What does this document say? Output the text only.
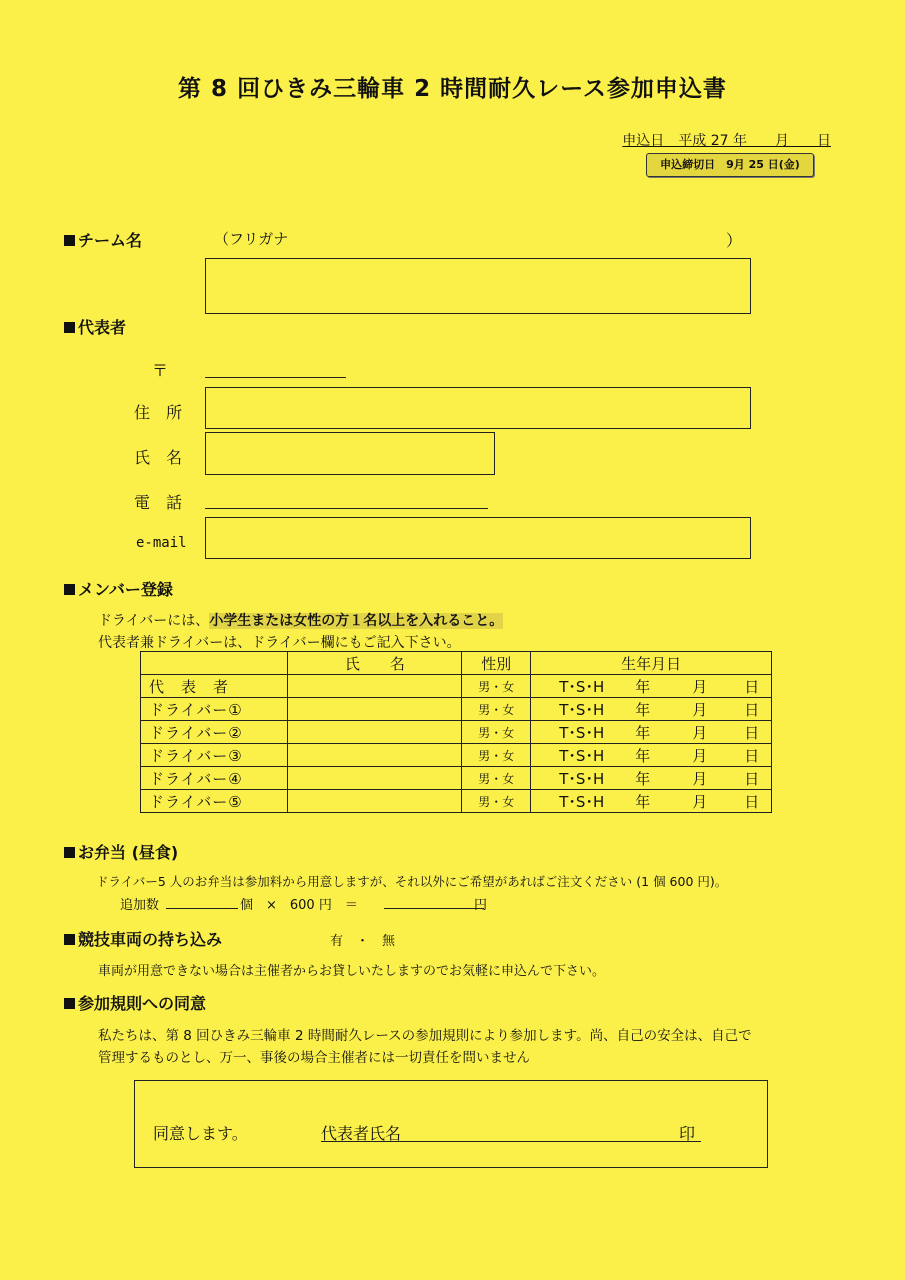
第 8 回ひきみ三輪車 2 時間耐久レース参加申込書
申込日　平成 27 年　　月　　日
申込締切日　9月 25 日(金)
チーム名	（フリガナ	）
代表者
〒
住　所
氏　名
電　話
e-mail
メンバー登録
ドライバーには、小学生または女性の方１名以上を入れること。
代表者兼ドライバーは、ドライバー欄にもご記入下さい。
	氏　　名	性別	生年月日
代　表　者		男・女	T･S･H 年 月 日
ドライバー①		男・女	T･S･H 年 月 日
ドライバー②		男・女	T･S･H 年 月 日
ドライバー③		男・女	T･S･H 年 月 日
ドライバー④		男・女	T･S･H 年 月 日
ドライバー⑤		男・女	T･S･H 年 月 日
お弁当 (昼食)
ドライバー5 人のお弁当は参加料から用意しますが、それ以外にご希望があればご注文ください (1 個 600 円)。
追加数	個　×　600 円　＝	円
競技車両の持ち込み	有　・　無
車両が用意できない場合は主催者からお貸しいたしますのでお気軽に申込んで下さい。
参加規則への同意
私たちは、第 8 回ひきみ三輪車 2 時間耐久レースの参加規則により参加します。尚、自己の安全は、自己で
管理するものとし、万一、事後の場合主催者には一切責任を問いません
同意します。	代表者氏名	印
